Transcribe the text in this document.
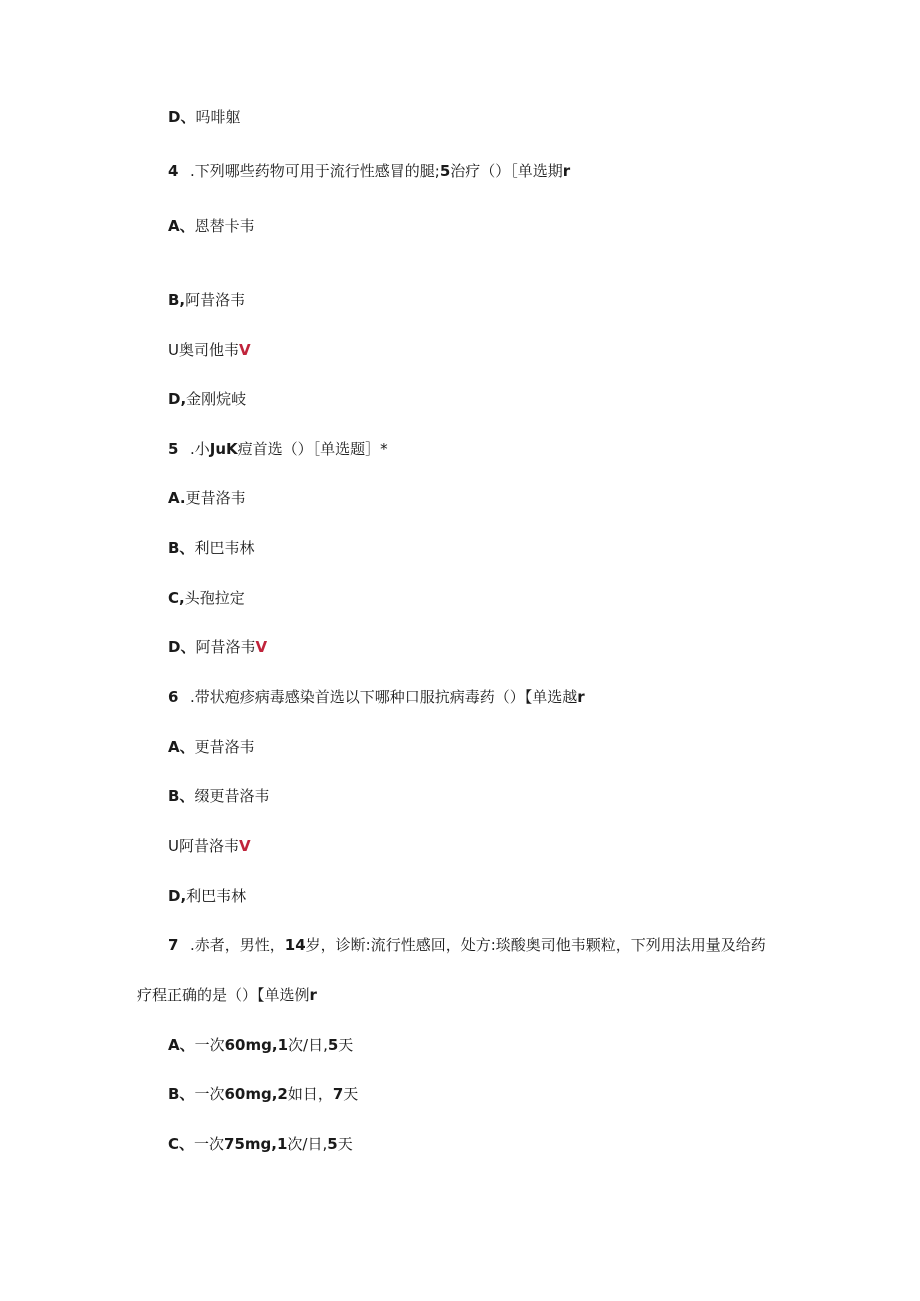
D、吗啡躯
4 .下列哪些药物可用于流行性感冒的腿;5治疗（）［单选期r
A、恩替卡韦
B,阿昔洛韦
U奥司他韦V
D,金刚烷岐
5 .小JuK痘首选（）［单选题］*
A.更昔洛韦
B、利巴韦林
C,头孢拉定
D、阿昔洛韦V
6 .带状疱疹病毒感染首选以下哪种口服抗病毒药（）【单选越r
A、更昔洛韦
B、缀更昔洛韦
U阿昔洛韦V
D,利巴韦林
7 .赤者，男性，14岁，诊断:流行性感回，处方:琰酸奥司他韦颗粒，下列用法用量及给药
疗程正确的是（）【单选例r
A、一次60mg,1次/日,5天
B、一次60mg,2如日，7天
C、一次75mg,1次/日,5天
